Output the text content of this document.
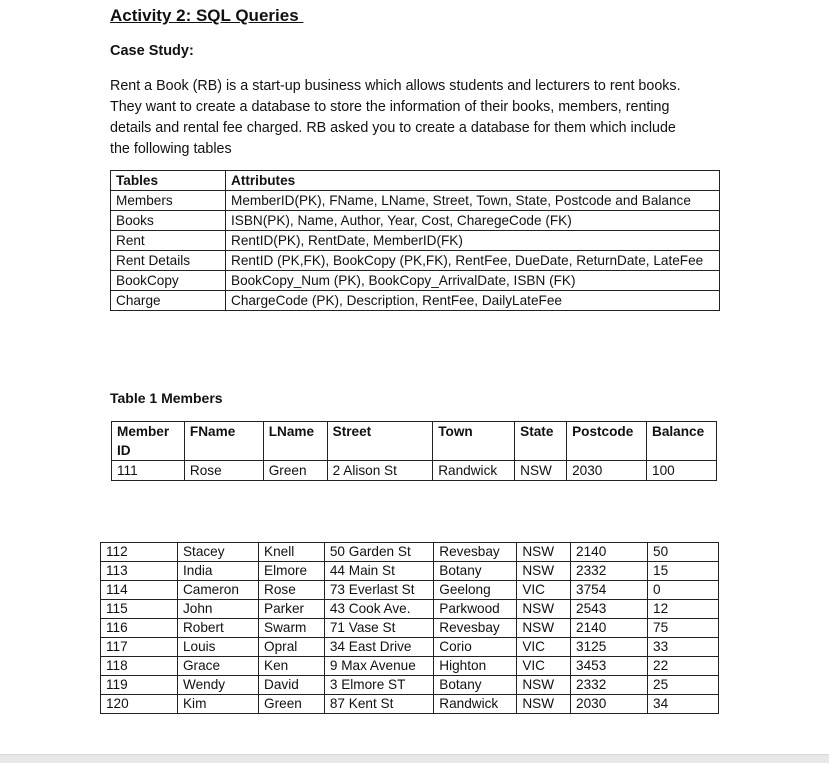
Activity 2: SQL Queries
Case Study:
Rent a Book (RB) is a start-up business which allows students and lecturers to rent books.
They want to create a database to store the information of their books, members, renting
details and rental fee charged. RB asked you to create a database for them which include
the following tables
Tables	Attributes
Members	MemberID(PK), FName, LName, Street, Town, State, Postcode and Balance
Books	ISBN(PK), Name, Author, Year, Cost, CharegeCode (FK)
Rent	RentID(PK), RentDate, MemberID(FK)
Rent Details	RentID (PK,FK), BookCopy (PK,FK), RentFee, DueDate, ReturnDate, LateFee
BookCopy	BookCopy_Num (PK), BookCopy_ArrivalDate, ISBN (FK)
Charge	ChargeCode (PK), Description, RentFee, DailyLateFee
Table 1 Members
Member ID	FName	LName	Street	Town	State	Postcode	Balance
111	Rose	Green	2 Alison St	Randwick	NSW	2030	100
112	Stacey	Knell	50 Garden St	Revesbay	NSW	2140	50
113	India	Elmore	44 Main St	Botany	NSW	2332	15
114	Cameron	Rose	73 Everlast St	Geelong	VIC	3754	0
115	John	Parker	43 Cook Ave.	Parkwood	NSW	2543	12
116	Robert	Swarm	71 Vase St	Revesbay	NSW	2140	75
117	Louis	Opral	34 East Drive	Corio	VIC	3125	33
118	Grace	Ken	9 Max Avenue	Highton	VIC	3453	22
119	Wendy	David	3 Elmore ST	Botany	NSW	2332	25
120	Kim	Green	87 Kent St	Randwick	NSW	2030	34
